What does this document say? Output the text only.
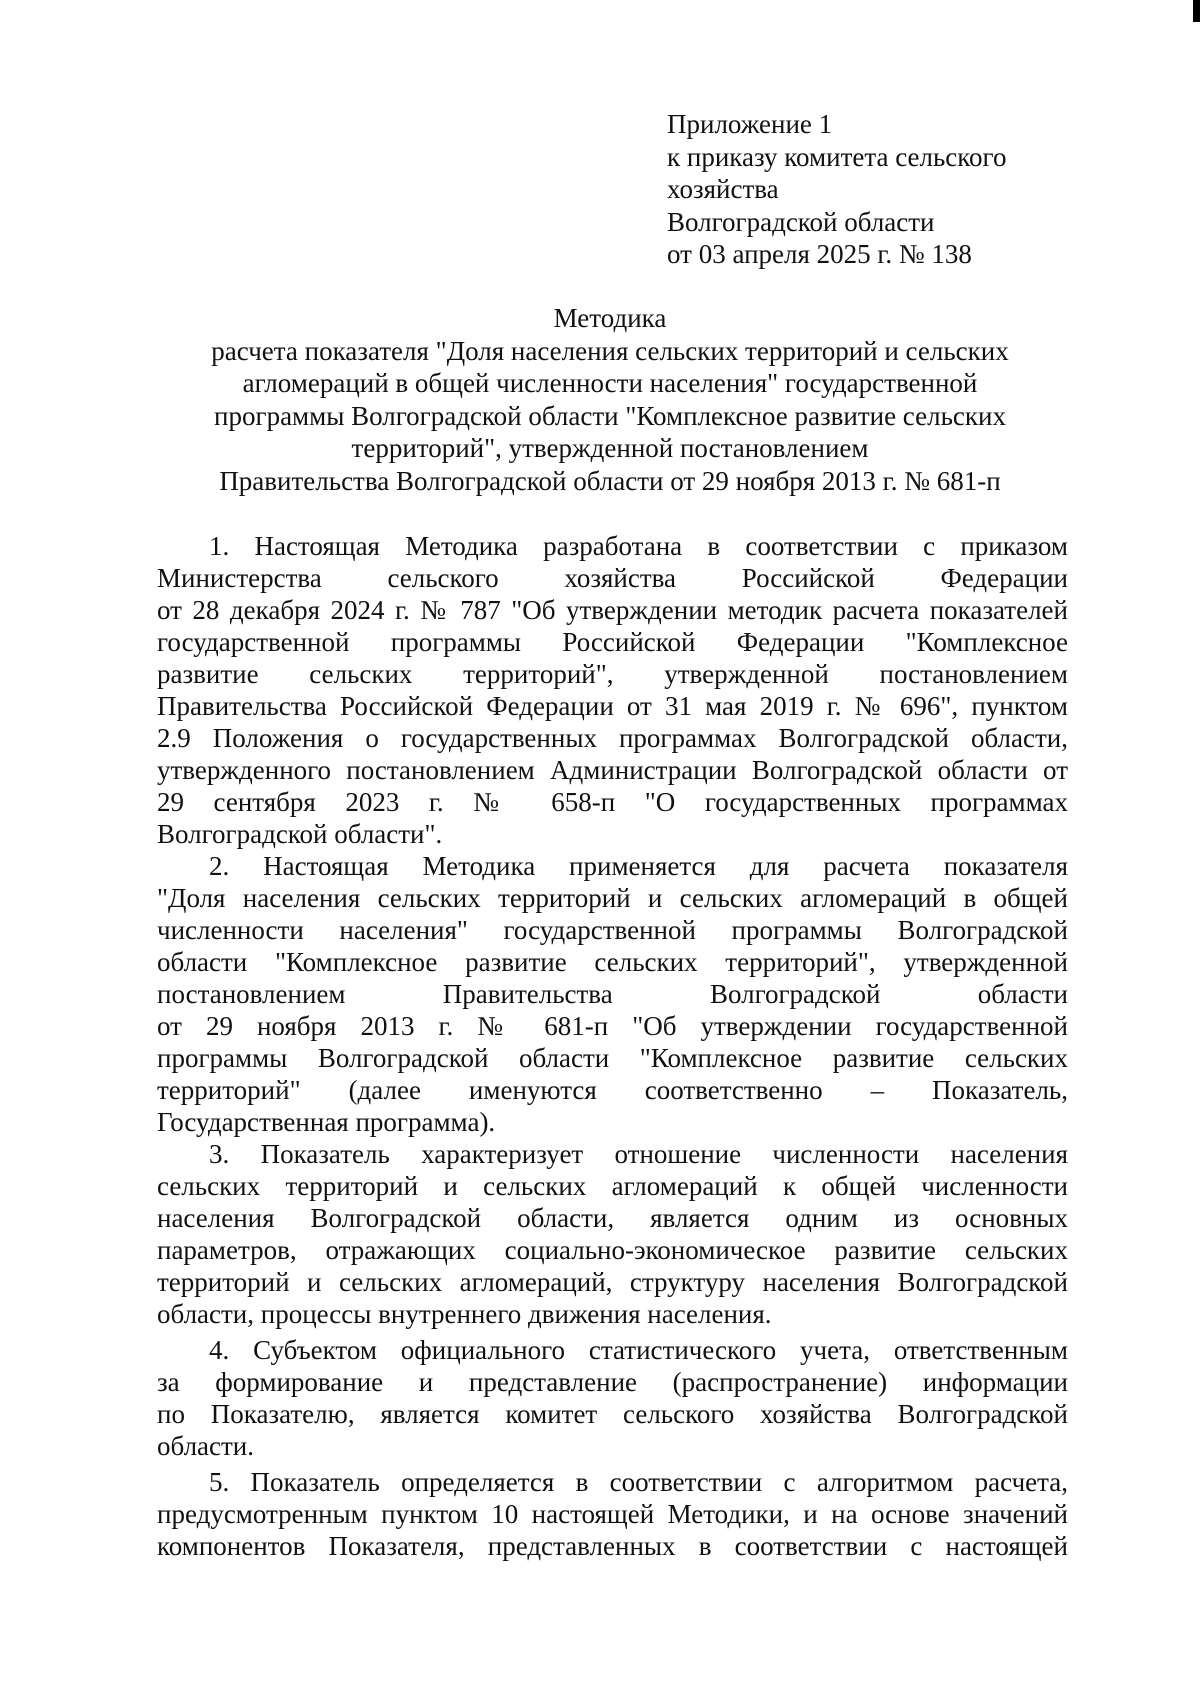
Приложение 1
к приказу комитета сельского
хозяйства
Волгоградской области
от 03 апреля 2025 г. № 138
Методика
расчета показателя "Доля населения сельских территорий и сельских
агломераций в общей численности населения" государственной
программы Волгоградской области "Комплексное развитие сельских
территорий", утвержденной постановлением
Правительства Волгоградской области от 29 ноября 2013 г. № 681-п
1. Настоящая Методика разработана в соответствии с приказом
Министерства сельского хозяйства Российской Федерации
от 28 декабря 2024 г. № 787 "Об утверждении методик расчета показателей
государственной программы Российской Федерации "Комплексное
развитие сельских территорий", утвержденной постановлением
Правительства Российской Федерации от 31 мая 2019 г. № 696", пунктом
2.9 Положения о государственных программах Волгоградской области,
утвержденного постановлением Администрации Волгоградской области от
29 сентября 2023 г. № 658-п "О государственных программах
Волгоградской области".
2. Настоящая Методика применяется для расчета показателя
"Доля населения сельских территорий и сельских агломераций в общей
численности населения" государственной программы Волгоградской
области "Комплексное развитие сельских территорий", утвержденной
постановлением Правительства Волгоградской области
от 29 ноября 2013 г. № 681-п "Об утверждении государственной
программы Волгоградской области "Комплексное развитие сельских
территорий" (далее именуются соответственно – Показатель,
Государственная программа).
3. Показатель характеризует отношение численности населения
сельских территорий и сельских агломераций к общей численности
населения Волгоградской области, является одним из основных
параметров, отражающих социально-экономическое развитие сельских
территорий и сельских агломераций, структуру населения Волгоградской
области, процессы внутреннего движения населения.
4. Субъектом официального статистического учета, ответственным
за формирование и представление (распространение) информации
по Показателю, является комитет сельского хозяйства Волгоградской
области.
5. Показатель определяется в соответствии с алгоритмом расчета,
предусмотренным пунктом 10 настоящей Методики, и на основе значений
компонентов Показателя, представленных в соответствии с настоящей
